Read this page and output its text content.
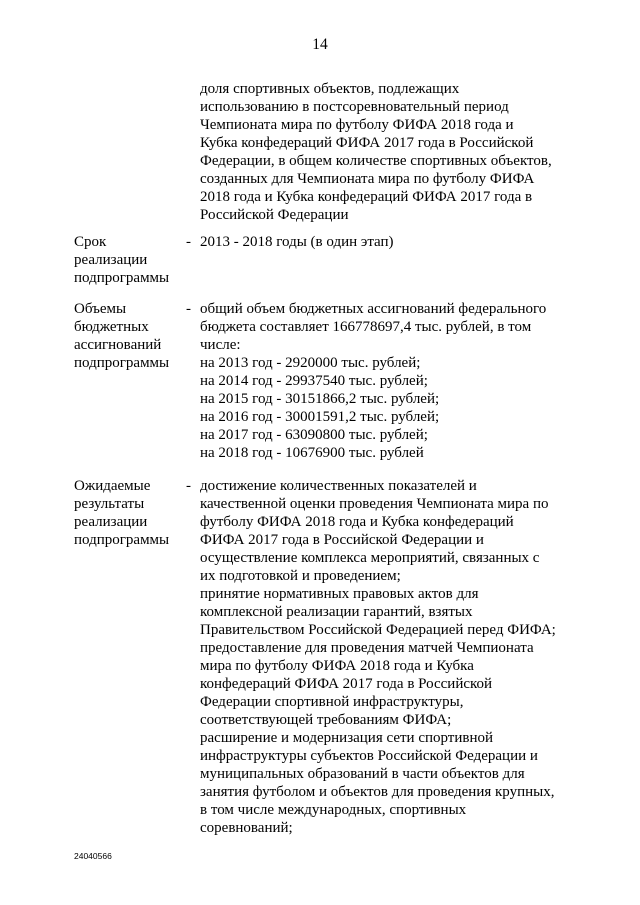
14
доля спортивных объектов, подлежащих
использованию в постсоревновательный период
Чемпионата мира по футболу ФИФА 2018 года и
Кубка конфедераций ФИФА 2017 года в Российской
Федерации, в общем количестве спортивных объектов,
созданных для Чемпионата мира по футболу ФИФА
2018 года и Кубка конфедераций ФИФА 2017 года в
Российской Федерации
Срок
реализации
подпрограммы
- 2013 - 2018 годы (в один этап)
Объемы
бюджетных
ассигнований
подпрограммы
- общий объем бюджетных ассигнований федерального
бюджета составляет 166778697,4 тыс. рублей, в том
числе:
на 2013 год - 2920000 тыс. рублей;
на 2014 год - 29937540 тыс. рублей;
на 2015 год - 30151866,2 тыс. рублей;
на 2016 год - 30001591,2 тыс. рублей;
на 2017 год - 63090800 тыс. рублей;
на 2018 год - 10676900 тыс. рублей
Ожидаемые
результаты
реализации
подпрограммы
- достижение количественных показателей и
качественной оценки проведения Чемпионата мира по
футболу ФИФА 2018 года и Кубка конфедераций
ФИФА 2017 года в Российской Федерации и
осуществление комплекса мероприятий, связанных с
их подготовкой и проведением;
принятие нормативных правовых актов для
комплексной реализации гарантий, взятых
Правительством Российской Федерацией перед ФИФА;
предоставление для проведения матчей Чемпионата
мира по футболу ФИФА 2018 года и Кубка
конфедераций ФИФА 2017 года в Российской
Федерации спортивной инфраструктуры,
соответствующей требованиям ФИФА;
расширение и модернизация сети спортивной
инфраструктуры субъектов Российской Федерации и
муниципальных образований в части объектов для
занятия футболом и объектов для проведения крупных,
в том числе международных, спортивных
соревнований;
24040566
